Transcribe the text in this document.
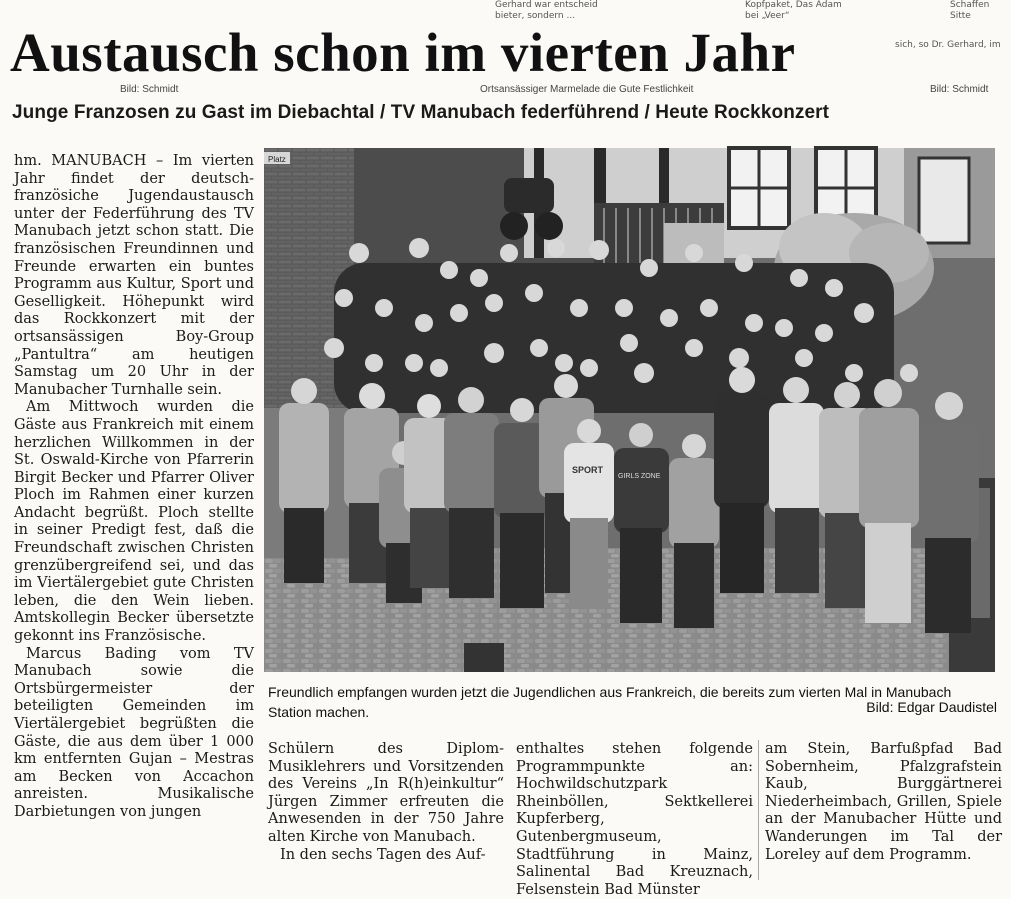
Gerhard war entscheid
bieter, sondern ...
Kopfpaket, Das Adam
bei „Veer“
Schaffen
Sitte
sich, so Dr. Gerhard, im
Bild: Schmidt	Ortsansässiger Marmelade die Gute Festlichkeit	Bild: Schmidt
Austausch schon im vierten Jahr
Junge Franzosen zu Gast im Diebachtal / TV Manubach federführend / Heute Rockkonzert

hm. MANUBACH – Im vierten Jahr findet der deutsch-französiche Jugendaustausch unter der Federführung des TV Manubach jetzt schon statt. Die französischen Freundinnen und Freunde erwarten ein buntes Programm aus Kultur, Sport und Geselligkeit. Höhepunkt wird das Rockkonzert mit der ortsansässigen Boy-Group „Pantultra“ am heutigen Samstag um 20 Uhr in der Manubacher Turnhalle sein.

Am Mittwoch wurden die Gäste aus Frankreich mit einem herzlichen Willkommen in der St. Oswald-Kirche von Pfarrerin Birgit Becker und Pfarrer Oliver Ploch im Rahmen einer kurzen Andacht begrüßt. Ploch stellte in seiner Predigt fest, daß die Freundschaft zwischen Christen grenzübergreifend sei, und das im Viertälergebiet gute Christen leben, die den Wein lieben. Amtskollegin Becker übersetzte gekonnt ins Französische.

Marcus Bading vom TV Manubach sowie die Ortsbürgermeister der beteiligten Gemeinden im Viertälergebiet begrüßten die Gäste, die aus dem über 1 000 km entfernten Gujan – Mestras am Becken von Accachon anreisten. Musikalische Darbietungen von jungen

Platz
SPORT
GIRLS ZONE
Freundlich empfangen wurden jetzt die Jugendlichen aus Frankreich, die bereits zum vierten Mal in Manubach Station machen.	Bild: Edgar Daudistel

Schülern des Diplom-Musiklehrers und Vorsitzenden des Vereins „In R(h)einkultur“ Jürgen Zimmer erfreuten die Anwesenden in der 750 Jahre alten Kirche von Manubach.

In den sechs Tagen des Auf-

enthaltes stehen folgende Programmpunkte an: Hochwildschutzpark Rheinböllen, Sektkellerei Kupferberg, Gutenbergmuseum, Stadtführung in Mainz, Salinental Bad Kreuznach, Felsenstein Bad Münster

am Stein, Barfußpfad Bad Sobernheim, Pfalzgrafstein Kaub, Burggärtnerei Niederheimbach, Grillen, Spiele an der Manubacher Hütte und Wanderungen im Tal der Loreley auf dem Programm.
